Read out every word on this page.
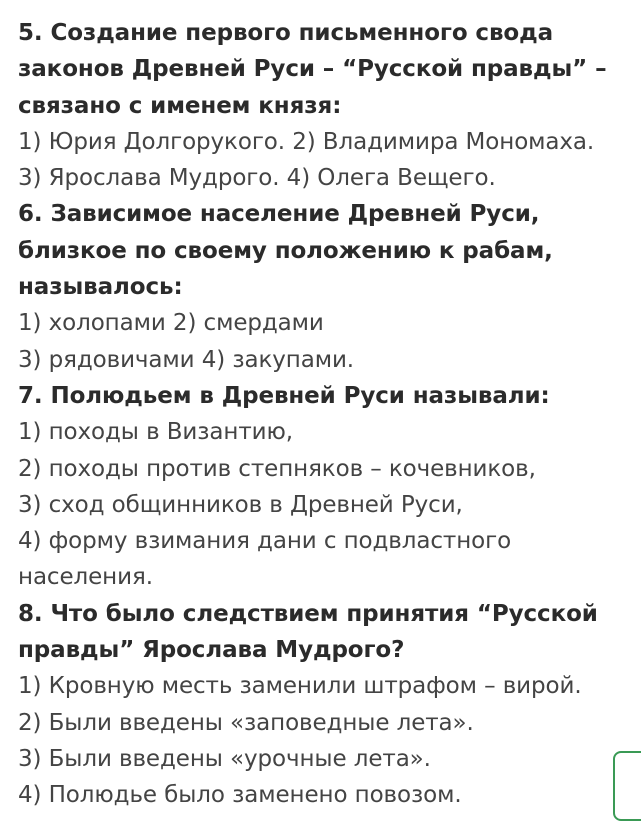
5. Создание первого письменного свода
законов Древней Руси – “Русской правды” –
связано с именем князя:
1) Юрия Долгорукого. 2) Владимира Мономаха.
3) Ярослава Мудрого. 4) Олега Вещего.
6. Зависимое население Древней Руси,
близкое по своему положению к рабам,
называлось:
1) холопами 2) смердами
3) рядовичами 4) закупами.
7. Полюдьем в Древней Руси называли:
1) походы в Византию,
2) походы против степняков – кочевников,
3) сход общинников в Древней Руси,
4) форму взимания дани с подвластного
населения.
8. Что было следствием принятия “Русской
правды” Ярослава Мудрого?
1) Кровную месть заменили штрафом – вирой.
2) Были введены «заповедные лета».
3) Были введены «урочные лета».
4) Полюдье было заменено повозом.
